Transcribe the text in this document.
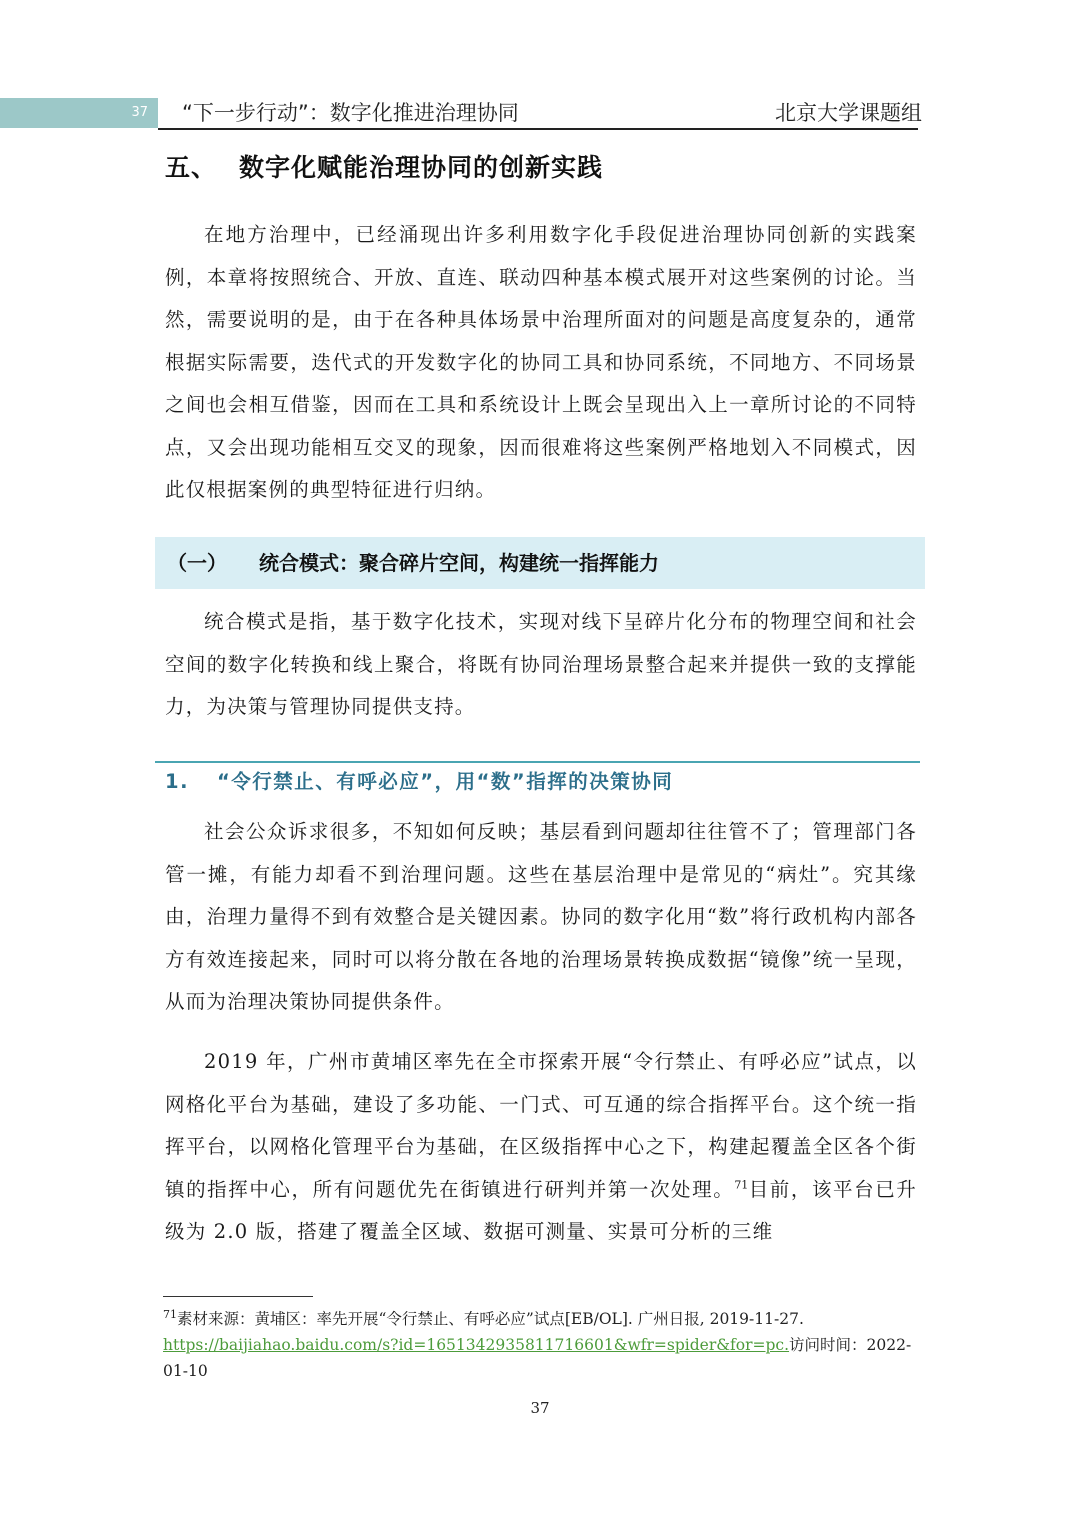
37 “下一步行动”：数字化推进治理协同	北京大学课题组
五、 数字化赋能治理协同的创新实践

在地方治理中，已经涌现出许多利用数字化手段促进治理协同创新的实践案例，本章将按照统合、开放、直连、联动四种基本模式展开对这些案例的讨论。当然，需要说明的是，由于在各种具体场景中治理所面对的问题是高度复杂的，通常根据实际需要，迭代式的开发数字化的协同工具和协同系统，不同地方、不同场景之间也会相互借鉴，因而在工具和系统设计上既会呈现出入上一章所讨论的不同特点，又会出现功能相互交叉的现象，因而很难将这些案例严格地划入不同模式，因此仅根据案例的典型特征进行归纳。

（一） 统合模式：聚合碎片空间，构建统一指挥能力

统合模式是指，基于数字化技术，实现对线下呈碎片化分布的物理空间和社会空间的数字化转换和线上聚合，将既有协同治理场景整合起来并提供一致的支撑能力，为决策与管理协同提供支持。

1. “令行禁止、有呼必应”，用“数”指挥的决策协同

社会公众诉求很多，不知如何反映；基层看到问题却往往管不了；管理部门各管一摊，有能力却看不到治理问题。这些在基层治理中是常见的“病灶”。究其缘由，治理力量得不到有效整合是关键因素。协同的数字化用“数”将行政机构内部各方有效连接起来，同时可以将分散在各地的治理场景转换成数据“镜像”统一呈现，从而为治理决策协同提供条件。

2019 年，广州市黄埔区率先在全市探索开展“令行禁止、有呼必应”试点，以网格化平台为基础，建设了多功能、一门式、可互通的综合指挥平台。这个统一指挥平台，以网格化管理平台为基础，在区级指挥中心之下，构建起覆盖全区各个街镇的指挥中心，所有问题优先在街镇进行研判并第一次处理。$^{71}$目前，该平台已升级为 2.0 版，搭建了覆盖全区域、数据可测量、实景可分析的三维

$^{71}$素材来源：黄埔区：率先开展“令行禁止、有呼必应”试点[EB/OL]. 广州日报, 2019-11-27.
https://baijiahao.baidu.com/s?id=1651342935811716601&wfr=spider&for=pc.访问时间：2022-01-10
37
